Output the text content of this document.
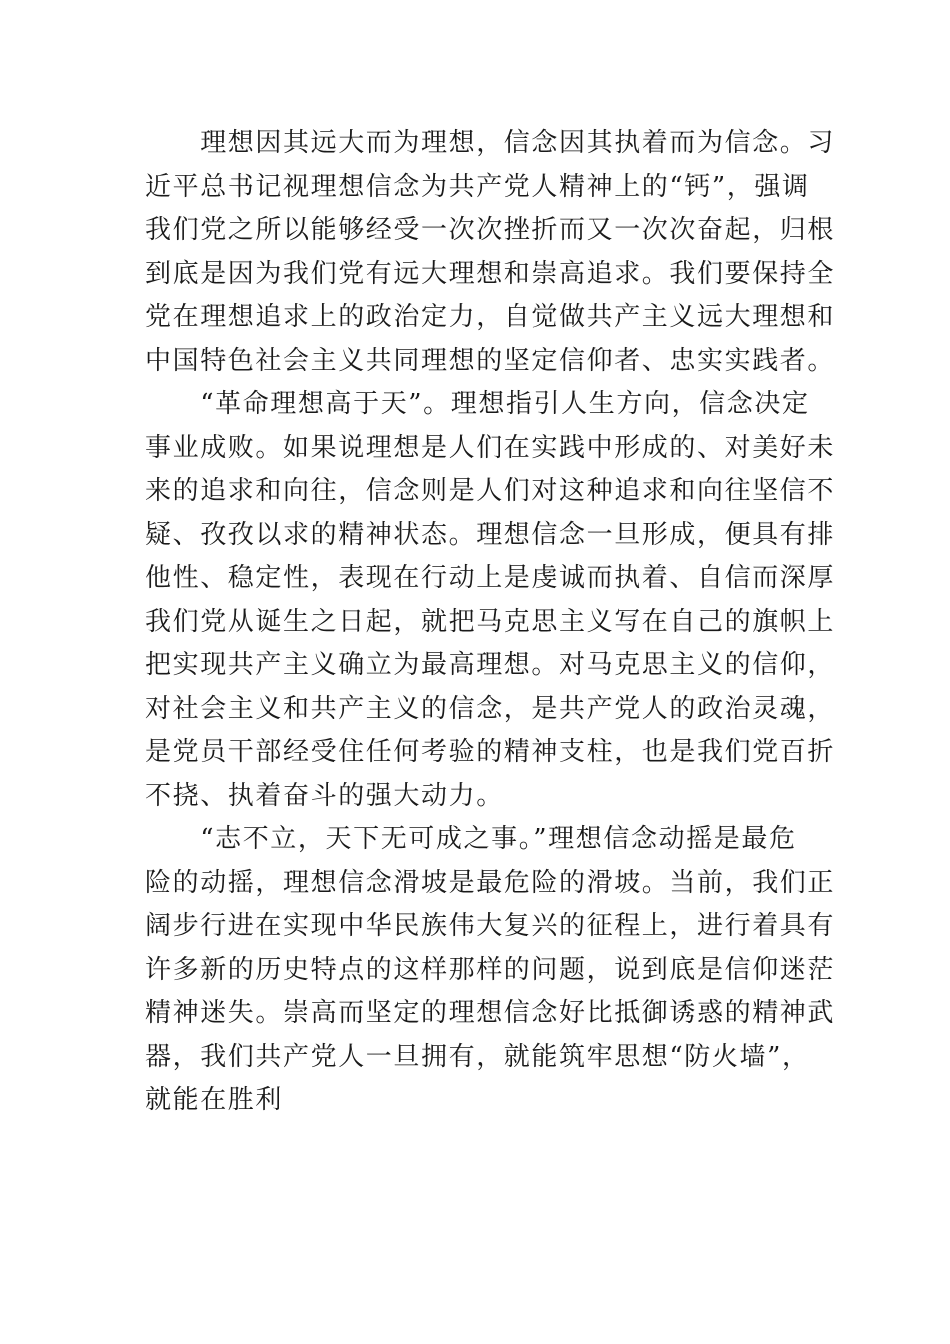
　　理想因其远大而为理想，信念因其执着而为信念。习
近平总书记视理想信念为共产党人精神上的“钙”，强调
我们党之所以能够经受一次次挫折而又一次次奋起，归根
到底是因为我们党有远大理想和崇高追求。我们要保持全
党在理想追求上的政治定力，自觉做共产主义远大理想和
中国特色社会主义共同理想的坚定信仰者、忠实实践者。
　　“革命理想高于天”。理想指引人生方向，信念决定
事业成败。如果说理想是人们在实践中形成的、对美好未
来的追求和向往，信念则是人们对这种追求和向往坚信不
疑、孜孜以求的精神状态。理想信念一旦形成，便具有排
他性、稳定性，表现在行动上是虔诚而执着、自信而深厚
我们党从诞生之日起，就把马克思主义写在自己的旗帜上
把实现共产主义确立为最高理想。对马克思主义的信仰，
对社会主义和共产主义的信念，是共产党人的政治灵魂，
是党员干部经受住任何考验的精神支柱，也是我们党百折
不挠、执着奋斗的强大动力。
　　“志不立，天下无可成之事。”理想信念动摇是最危
险的动摇，理想信念滑坡是最危险的滑坡。当前，我们正
阔步行进在实现中华民族伟大复兴的征程上，进行着具有
许多新的历史特点的这样那样的问题，说到底是信仰迷茫
精神迷失。崇高而坚定的理想信念好比抵御诱惑的精神武
器，我们共产党人一旦拥有，就能筑牢思想“防火墙”，
就能在胜利
